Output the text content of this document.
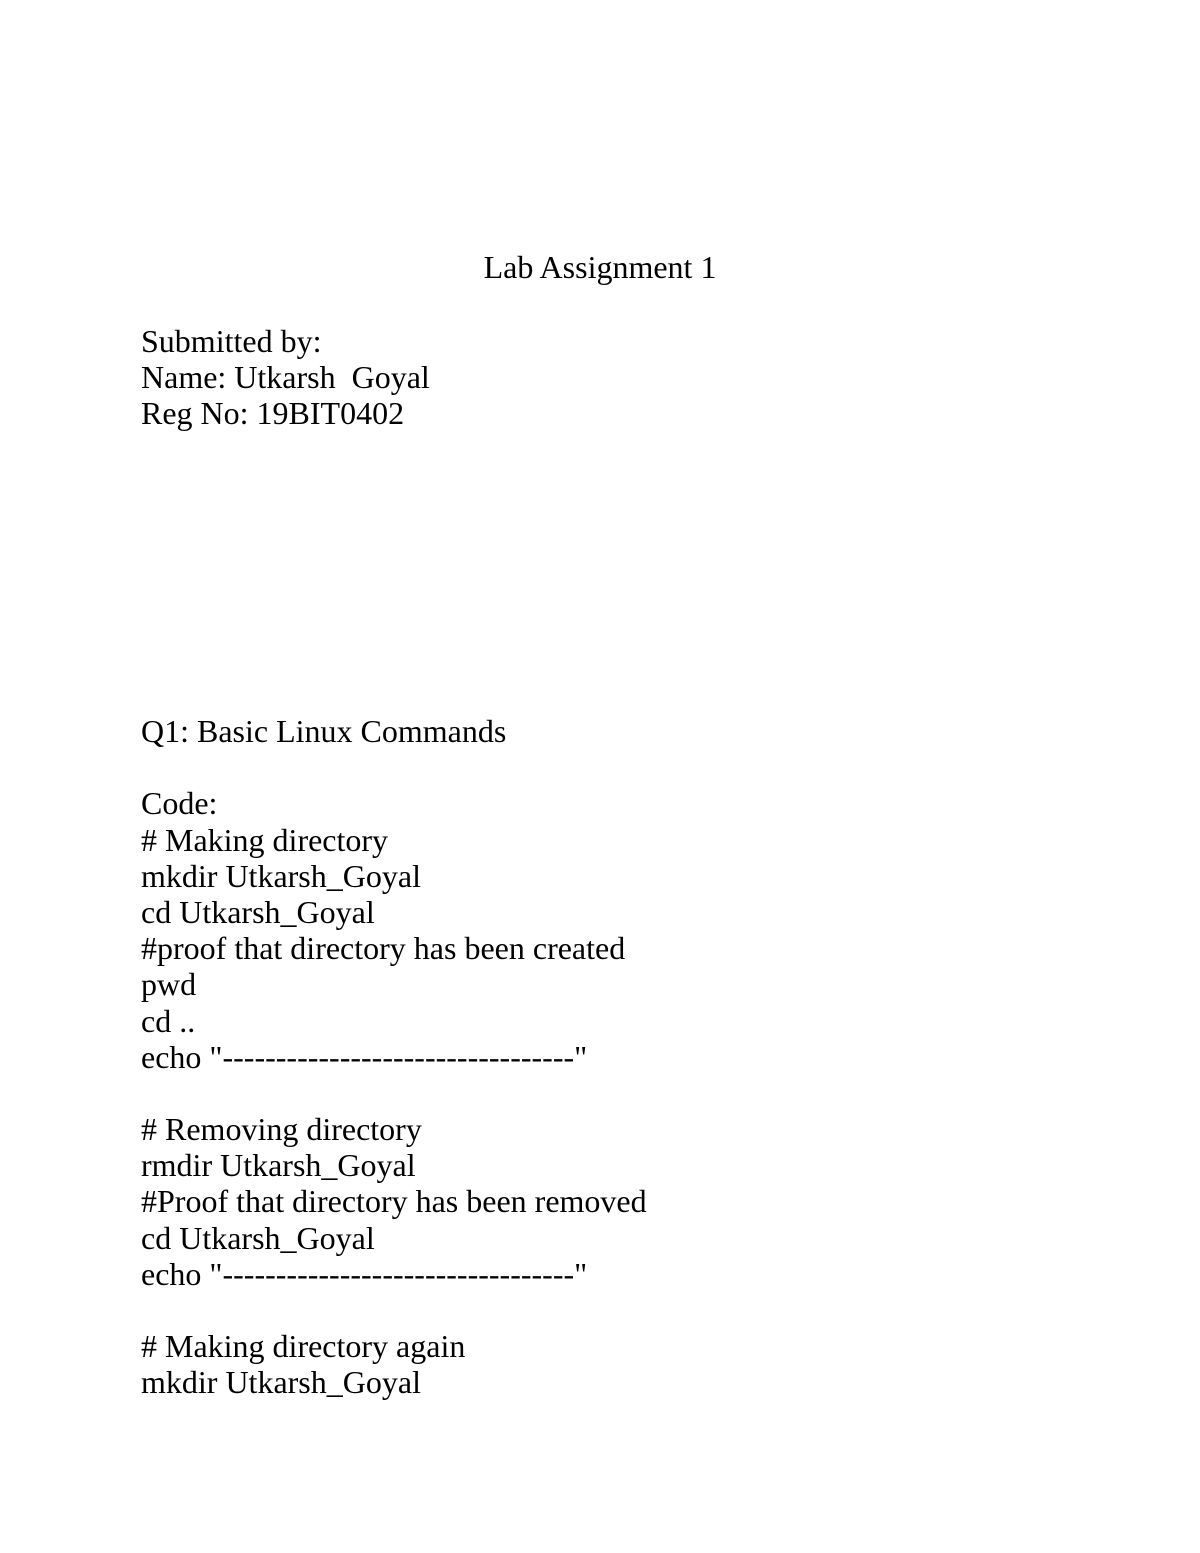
Lab Assignment 1
Submitted by:
Name: Utkarsh  Goyal
Reg No: 19BIT0402
Q1: Basic Linux Commands
Code:
# Making directory
mkdir Utkarsh_Goyal
cd Utkarsh_Goyal
#proof that directory has been created
pwd
cd ..
echo "---------------------------------"
# Removing directory
rmdir Utkarsh_Goyal
#Proof that directory has been removed
cd Utkarsh_Goyal
echo "---------------------------------"
# Making directory again
mkdir Utkarsh_Goyal
